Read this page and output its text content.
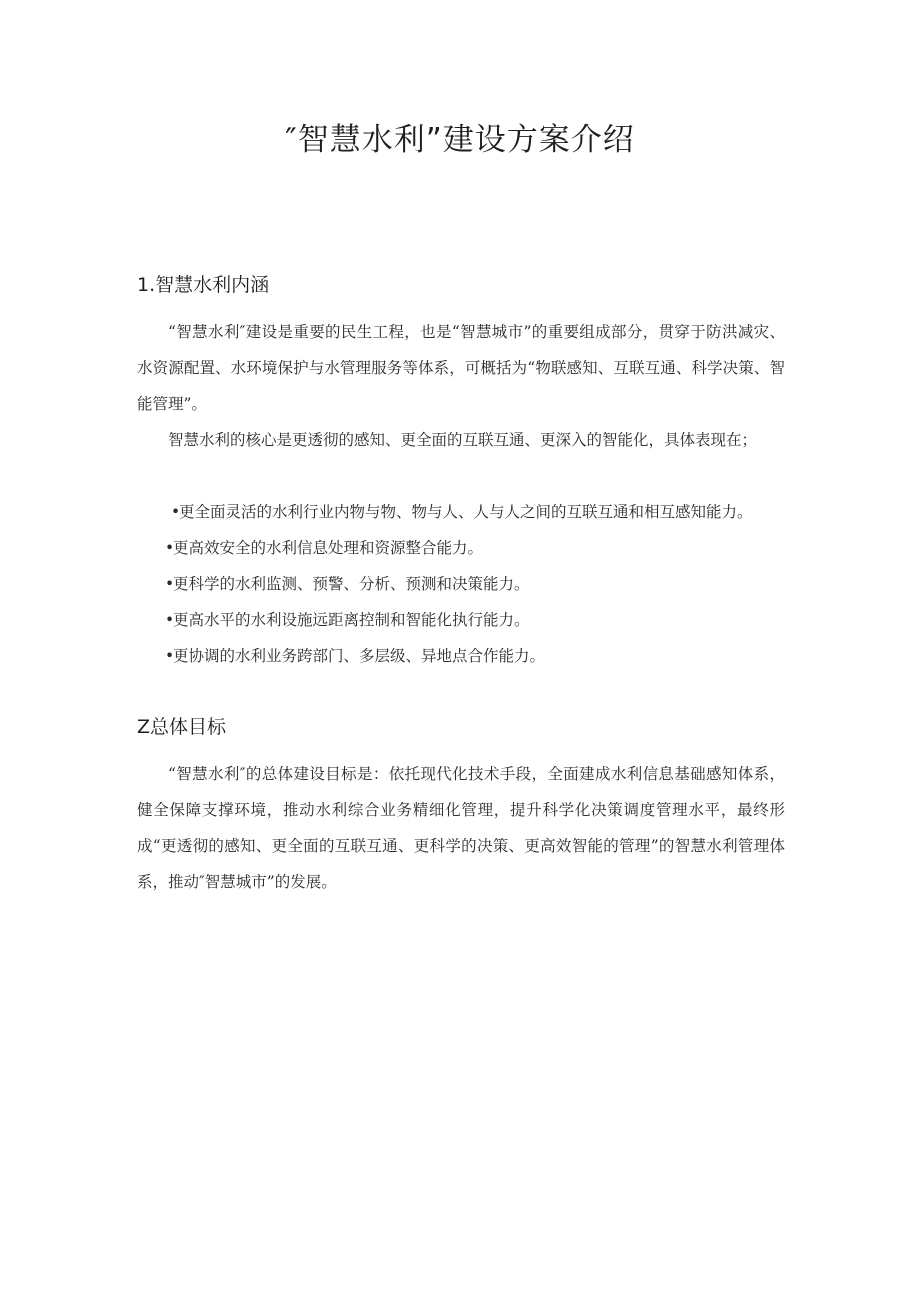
″智慧水利”建设方案介绍
1.智慧水利内涵

“智慧水利″建设是重要的民生工程，也是“智慧城市”的重要组成部分，贯穿于防洪减灾、水资源配置、水环境保护与水管理服务等体系，可概括为“物联感知、互联互通、科学决策、智能管理”。

智慧水利的核心是更透彻的感知、更全面的互联互通、更深入的智能化，具体表现在；

•更全面灵活的水利行业内物与物、物与人、人与人之间的互联互通和相互感知能力。
•更高效安全的水利信息处理和资源整合能力。
•更科学的水利监测、预警、分析、预测和决策能力。
•更高水平的水利设施远距离控制和智能化执行能力。
•更协调的水利业务跨部门、多层级、异地点合作能力。
Z总体目标

“智慧水利″的总体建设目标是：依托现代化技术手段，全面建成水利信息基础感知体系，健全保障支撑环境，推动水利综合业务精细化管理，提升科学化决策调度管理水平，最终形成“更透彻的感知、更全面的互联互通、更科学的决策、更高效智能的管理”的智慧水利管理体系，推动″智慧城市”的发展。
